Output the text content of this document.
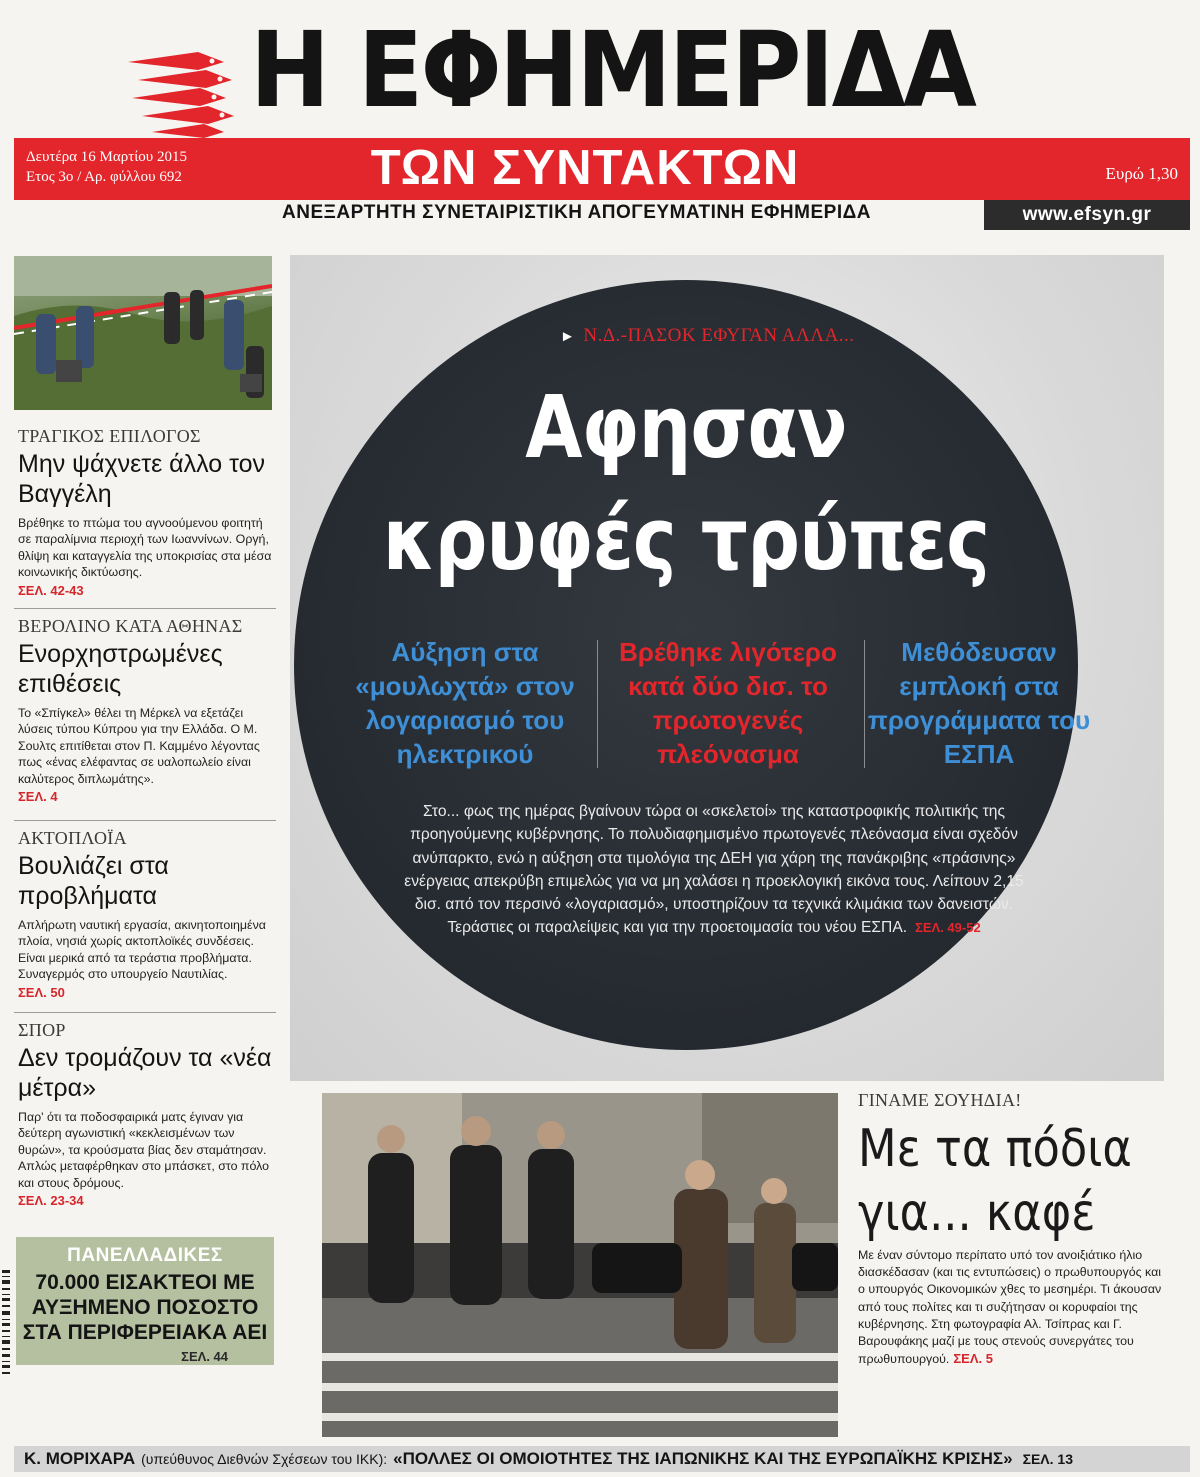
Η ΕΦΗΜΕΡΙΔΑ
Δευτέρα 16 Μαρτίου 2015
Ετος 3ο / Αρ. φύλλου 692	ΤΩΝ ΣΥΝΤΑΚΤΩΝ	Ευρώ 1,30
ΑΝΕΞΑΡΤΗΤΗ ΣΥΝΕΤΑΙΡΙΣΤΙΚΗ ΑΠΟΓΕΥΜΑΤΙΝΗ ΕΦΗΜΕΡΙΔΑ	www.efsyn.gr
ΤΡΑΓΙΚΟΣ ΕΠΙΛΟΓΟΣ
Μην ψάχνετε άλλο τον Βαγγέλη
Βρέθηκε το πτώμα του αγνοούμενου φοιτητή σε παραλίμνια περιοχή των Ιωαννίνων. Οργή, θλίψη και καταγγελία της υποκρισίας στα μέσα κοινωνικής δικτύωσης.
ΣΕΛ. 42-43
ΒΕΡΟΛΙΝΟ ΚΑΤΑ ΑΘΗΝΑΣ
Ενορχηστρωμένες επιθέσεις
Το «Σπίγκελ» θέλει τη Μέρκελ να εξετάζει λύσεις τύπου Κύπρου για την Ελλάδα. Ο Μ. Σουλτς επιτίθεται στον Π. Καμμένο λέγοντας πως «ένας ελέφαντας σε υαλοπωλείο είναι καλύτερος διπλωμάτης».
ΣΕΛ. 4
ΑΚΤΟΠΛΟΪΑ
Βουλιάζει στα προβλήματα
Απλήρωτη ναυτική εργασία, ακινητοποιημένα πλοία, νησιά χωρίς ακτοπλοϊκές συνδέσεις. Είναι μερικά από τα τεράστια προβλήματα. Συναγερμός στο υπουργείο Ναυτιλίας.
ΣΕΛ. 50
ΣΠΟΡ
Δεν τρομάζουν τα «νέα μέτρα»
Παρ' ότι τα ποδοσφαιρικά ματς έγιναν για δεύτερη αγωνιστική «κεκλεισμένων των θυρών», τα κρούσματα βίας δεν σταμάτησαν. Απλώς μεταφέρθηκαν στο μπάσκετ, στο πόλο και στους δρόμους.
ΣΕΛ. 23-34
ΠΑΝΕΛΛΑΔΙΚΕΣ
70.000 ΕΙΣΑΚΤΕΟΙ ΜΕ ΑΥΞΗΜΕΝΟ ΠΟΣΟΣΤΟ ΣΤΑ ΠΕΡΙΦΕΡΕΙΑΚΑ ΑΕΙ
ΣΕΛ. 44
► Ν.Δ.-ΠΑΣΟΚ ΕΦΥΓΑΝ ΑΛΛΑ...
Αφησαν
κρυφές τρύπες
Αύξηση στα «μουλωχτά» στον λογαριασμό του ηλεκτρικού
Βρέθηκε λιγότερο κατά δύο δισ. το πρωτογενές πλεόνασμα
Μεθόδευσαν εμπλοκή στα προγράμματα του ΕΣΠΑ
Στο... φως της ημέρας βγαίνουν τώρα οι «σκελετοί» της καταστροφικής πολιτικής της προηγούμενης κυβέρνησης. Το πολυδιαφημισμένο πρωτογενές πλεόνασμα είναι σχεδόν ανύπαρκτο, ενώ η αύξηση στα τιμολόγια της ΔΕΗ για χάρη της πανάκριβης «πράσινης» ενέργειας απεκρύβη επιμελώς για να μη χαλάσει η προεκλογική εικόνα τους. Λείπουν 2,15 δισ. από τον περσινό «λογαριασμό», υποστηρίζουν τα τεχνικά κλιμάκια των δανειστών. Τεράστιες οι παραλείψεις και για την προετοιμασία του νέου ΕΣΠΑ. ΣΕΛ. 49-52
ΓΙΝΑΜΕ ΣΟΥΗΔΙΑ!
Με τα πόδια
για... καφέ
Με έναν σύντομο περίπατο υπό τον ανοιξιάτικο ήλιο διασκέδασαν (και τις εντυπώσεις) ο πρωθυπουργός και ο υπουργός Οικονομικών χθες το μεσημέρι. Τι άκουσαν από τους πολίτες και τι συζήτησαν οι κορυφαίοι της κυβέρνησης. Στη φωτογραφία Αλ. Τσίπρας και Γ. Βαρουφάκης μαζί με τους στενούς συνεργάτες του πρωθυπουργού. ΣΕΛ. 5
Κ. ΜΟΡΙΧΑΡΑ (υπεύθυνος Διεθνών Σχέσεων του ΙΚΚ): «ΠΟΛΛΕΣ ΟΙ ΟΜΟΙΟΤΗΤΕΣ ΤΗΣ ΙΑΠΩΝΙΚΗΣ ΚΑΙ ΤΗΣ ΕΥΡΩΠΑΪΚΗΣ ΚΡΙΣΗΣ» ΣΕΛ. 13
